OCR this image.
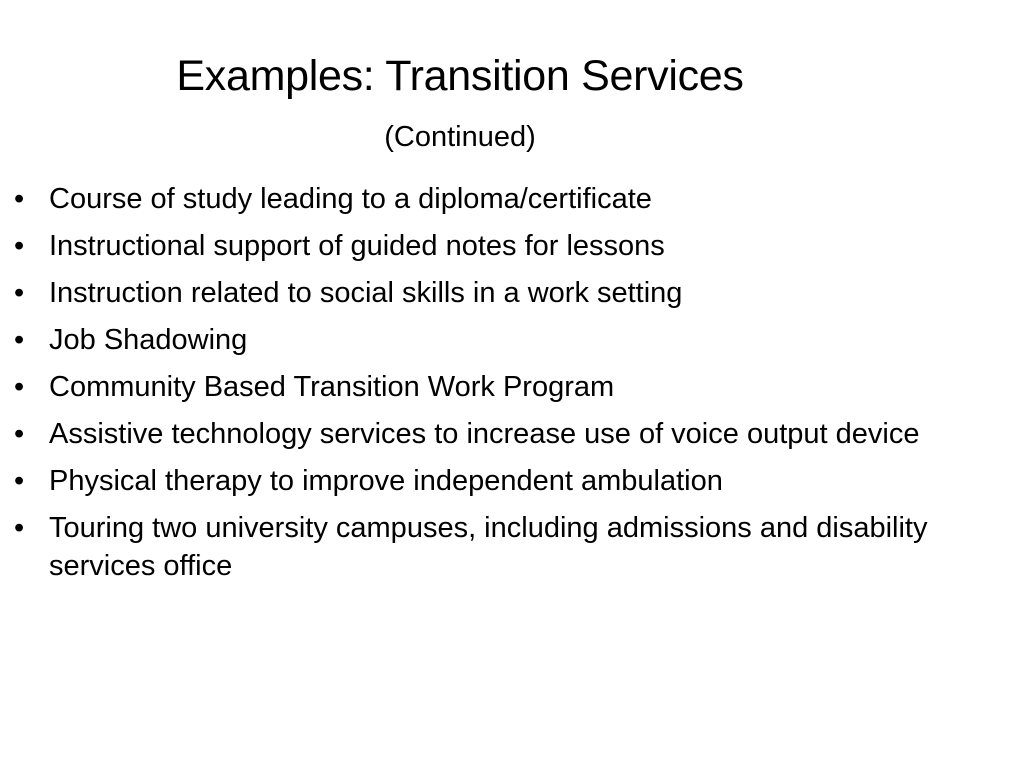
Examples: Transition Services
(Continued)
• Course of study leading to a diploma/certificate
• Instructional support of guided notes for lessons
• Instruction related to social skills in a work setting
• Job Shadowing
• Community Based Transition Work Program
• Assistive technology services to increase use of voice output device
• Physical therapy to improve independent ambulation
• Touring two university campuses, including admissions and disability services office
